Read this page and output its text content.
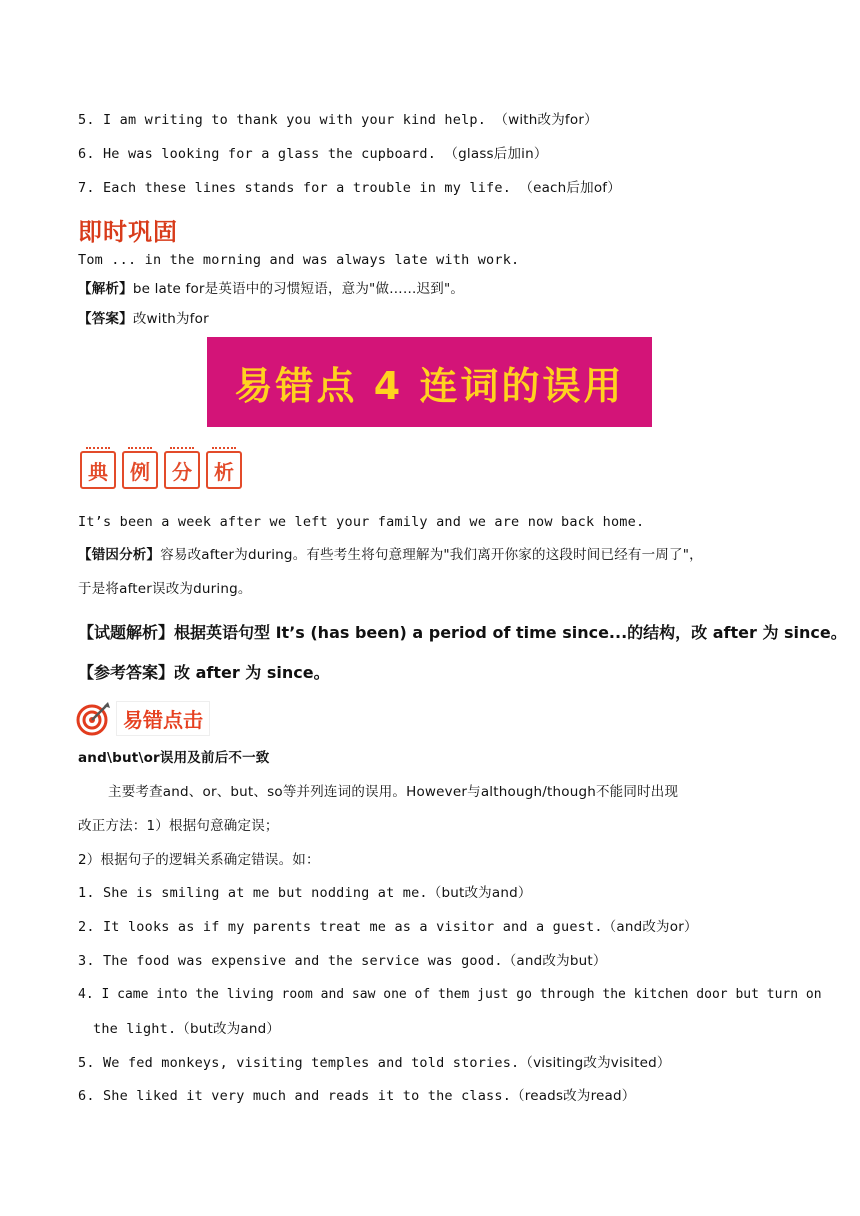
5. I am writing to thank you with your kind help. （with改为for）
6. He was looking for a glass the cupboard. （glass后加in）
7. Each these lines stands for a trouble in my life. （each后加of）
即时巩固
Tom ... in the morning and was always late with work.
【解析】be late for是英语中的习惯短语，意为"做……迟到"。
【答案】改with为for
易错点 4 连词的误用
典	例	分	析
It’s been a week after we left your family and we are now back home.
【错因分析】容易改after为during。有些考生将句意理解为"我们离开你家的这段时间已经有一周了"，
于是将after误改为during。
【试题解析】根据英语句型 It’s (has been) a period of time since...的结构，改 after 为 since。
【参考答案】改 after 为 since。
易错点击
and\but\or误用及前后不一致
主要考查and、or、but、so等并列连词的误用。However与although/though不能同时出现
改正方法：1）根据句意确定误；
2）根据句子的逻辑关系确定错误。如：
1. She is smiling at me but nodding at me.（but改为and）
2. It looks as if my parents treat me as a visitor and a guest.（and改为or）
3. The food was expensive and the service was good.（and改为but）
4. I came into the living room and saw one of them just go through the kitchen door but turn on
the light.（but改为and）
5. We fed monkeys, visiting temples and told stories.（visiting改为visited）
6. She liked it very much and reads it to the class.（reads改为read）
